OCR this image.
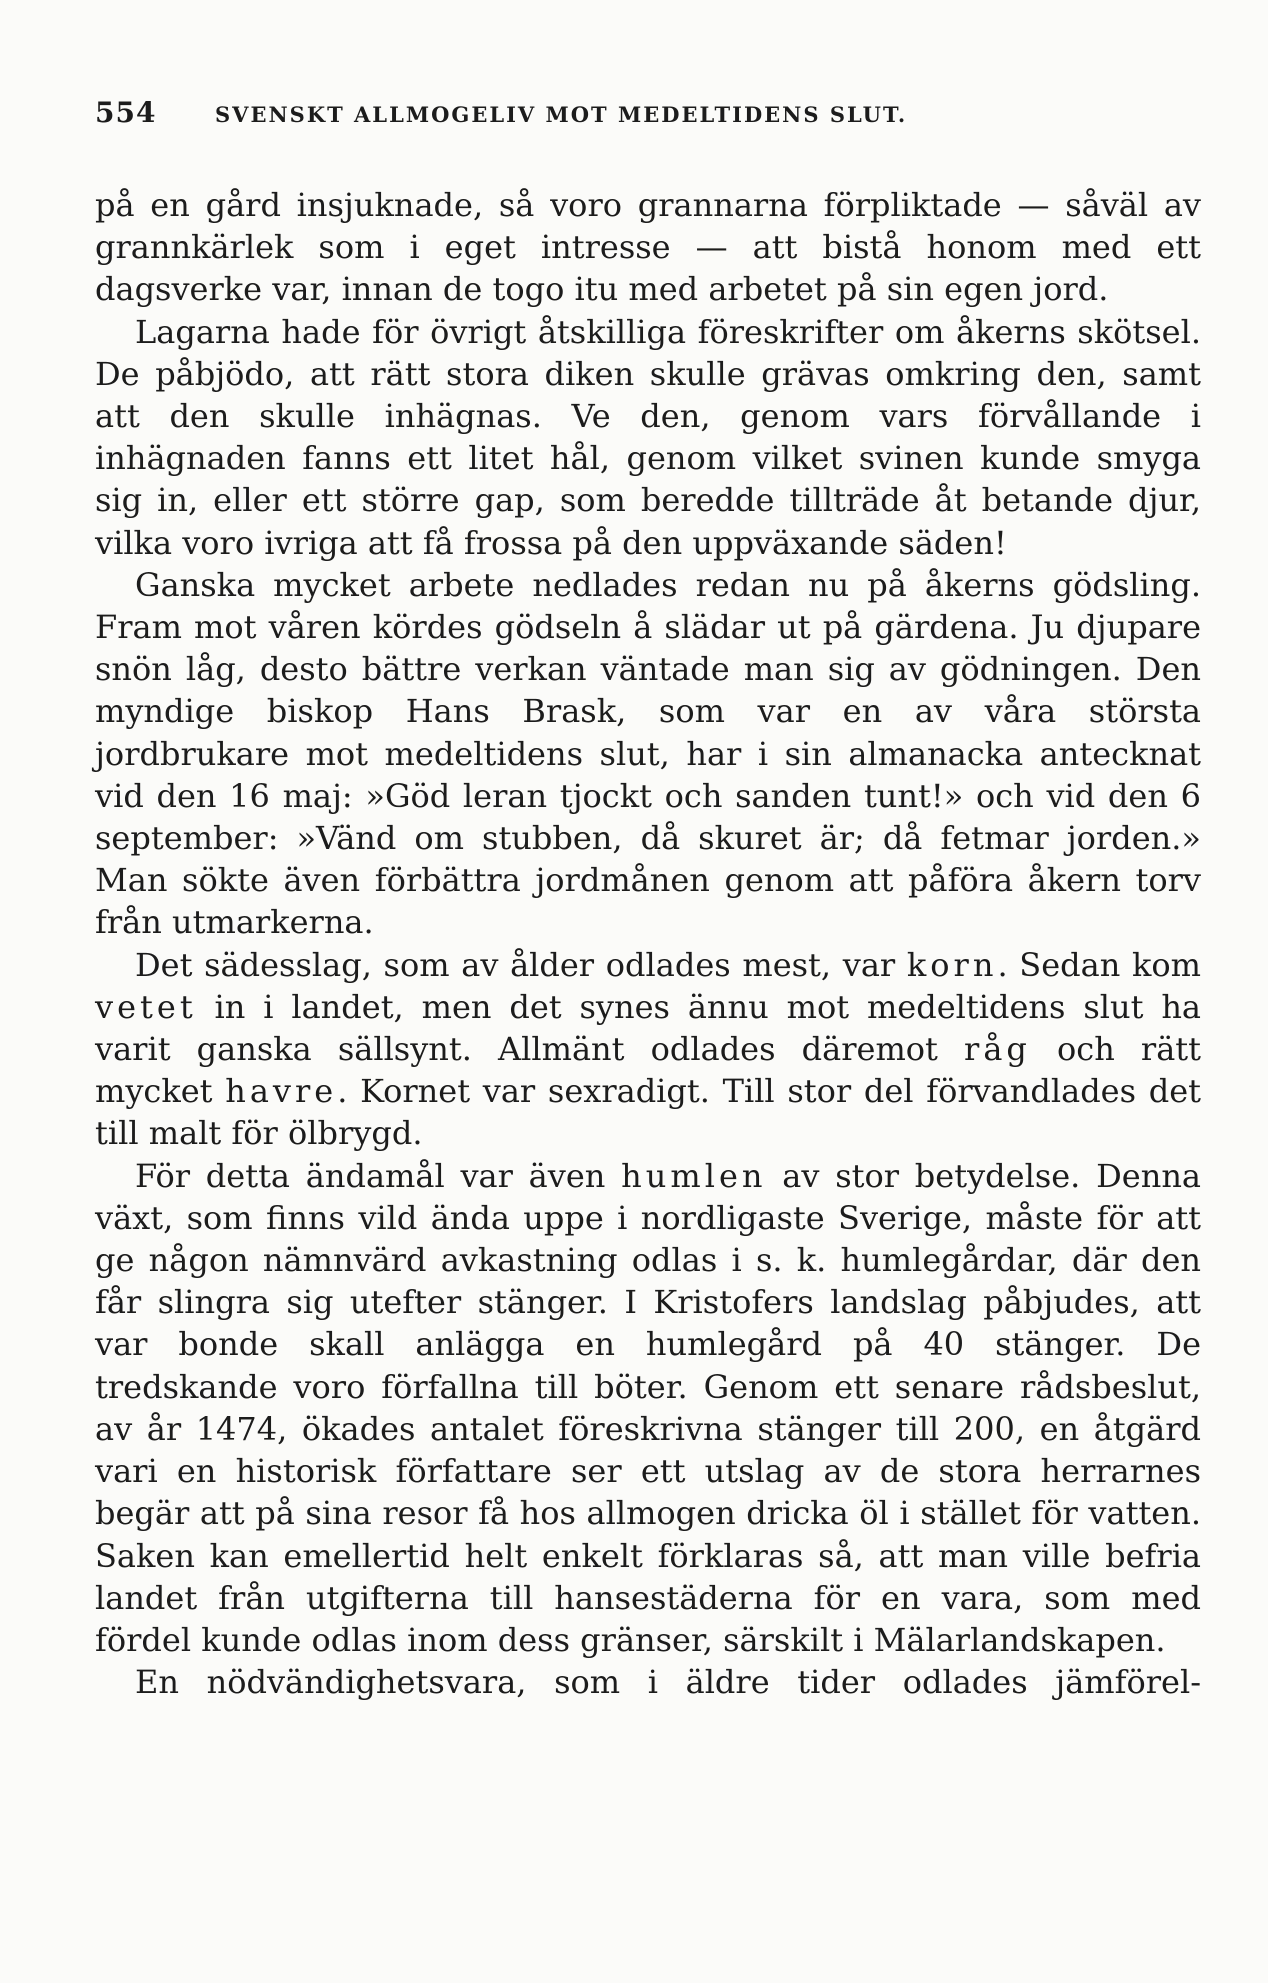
554	SVENSKT ALLMOGELIV MOT MEDELTIDENS SLUT.

på en gård insjuknade, så voro grannarna förpliktade — såväl av grannkärlek som i eget intresse — att bistå honom med ett dagsverke var, innan de togo itu med arbetet på sin egen jord.

Lagarna hade för övrigt åtskilliga föreskrifter om åkerns skötsel. De påbjödo, att rätt stora diken skulle grävas omkring den, samt att den skulle inhägnas. Ve den, genom vars förvållande i inhägnaden fanns ett litet hål, genom vilket svinen kunde smyga sig in, eller ett större gap, som beredde tillträde åt betande djur, vilka voro ivriga att få frossa på den uppväxande säden!

Ganska mycket arbete nedlades redan nu på åkerns gödsling. Fram mot våren kördes gödseln å slädar ut på gärdena. Ju djupare snön låg, desto bättre verkan väntade man sig av gödningen. Den myndige biskop Hans Brask, som var en av våra största jordbrukare mot medeltidens slut, har i sin almanacka antecknat vid den 16 maj: »Göd leran tjockt och sanden tunt!» och vid den 6 september: »Vänd om stubben, då skuret är; då fetmar jorden.» Man sökte även förbättra jordmånen genom att påföra åkern torv från utmarkerna.

Det sädesslag, som av ålder odlades mest, var korn. Sedan kom vetet in i landet, men det synes ännu mot medeltidens slut ha varit ganska sällsynt. Allmänt odlades däremot råg och rätt mycket havre. Kornet var sexradigt. Till stor del förvandlades det till malt för ölbrygd.

För detta ändamål var även humlen av stor betydelse. Denna växt, som finns vild ända uppe i nordligaste Sverige, måste för att ge någon nämnvärd avkastning odlas i s. k. humlegårdar, där den får slingra sig utefter stänger. I Kristofers landslag påbjudes, att var bonde skall anlägga en humlegård på 40 stänger. De tredskande voro förfallna till böter. Genom ett senare rådsbeslut, av år 1474, ökades antalet föreskrivna stänger till 200, en åtgärd vari en historisk författare ser ett utslag av de stora herrarnes begär att på sina resor få hos allmogen dricka öl i stället för vatten. Saken kan emellertid helt enkelt förklaras så, att man ville befria landet från utgifterna till hansestäderna för en vara, som med fördel kunde odlas inom dess gränser, särskilt i Mälarlandskapen.

En nödvändighetsvara, som i äldre tider odlades jämförel-
